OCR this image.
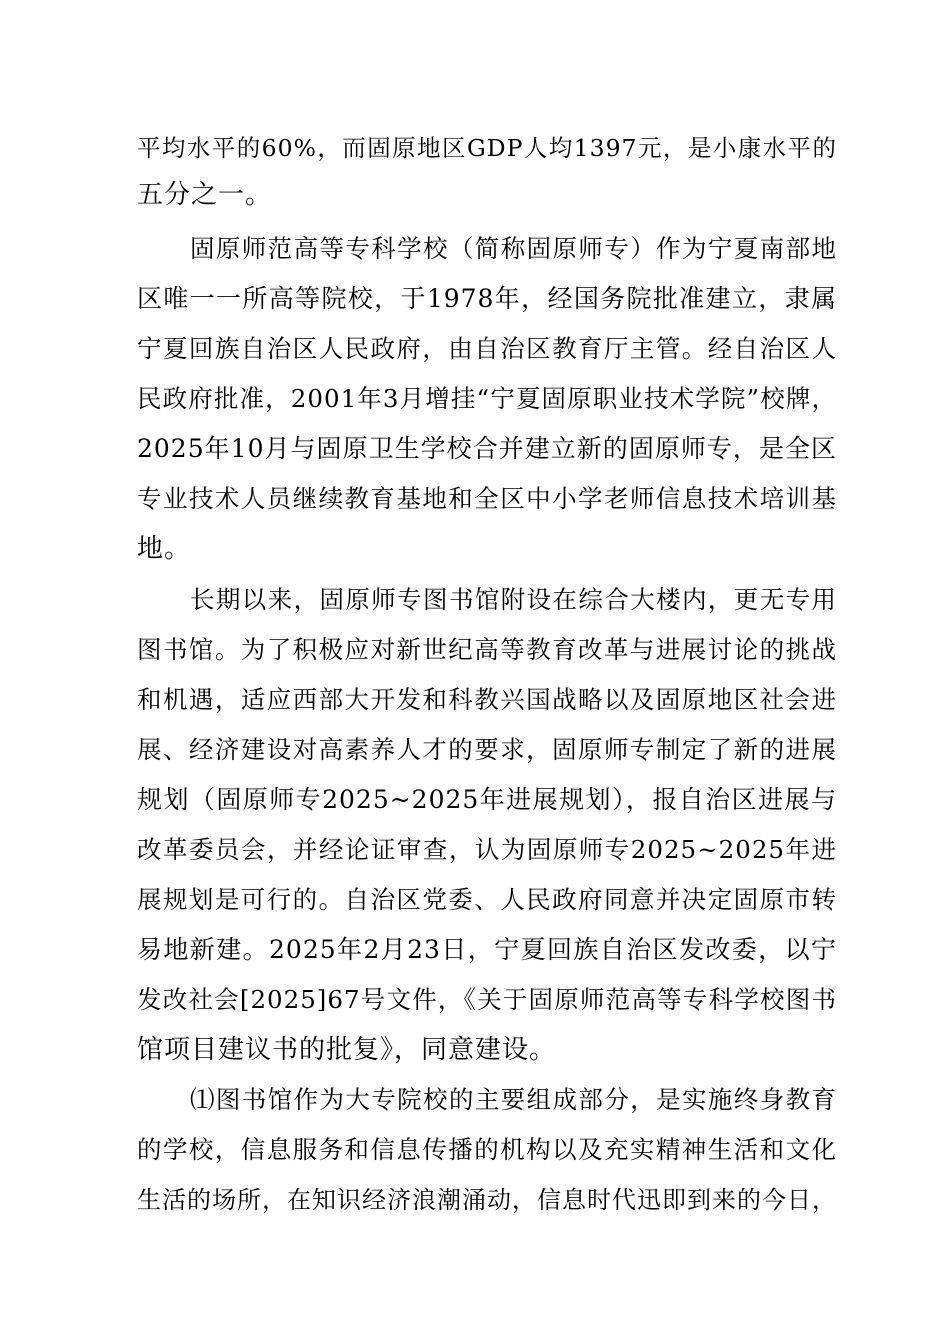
平均水平的60%，而固原地区GDP人均1397元，是小康水平的

五分之一。

固原师范高等专科学校（简称固原师专）作为宁夏南部地

区唯一一所高等院校，于1978年，经国务院批准建立，隶属

宁夏回族自治区人民政府，由自治区教育厅主管。经自治区人

民政府批准，2001年3月增挂“宁夏固原职业技术学院”校牌，

2025年10月与固原卫生学校合并建立新的固原师专，是全区

专业技术人员继续教育基地和全区中小学老师信息技术培训基

地。

长期以来，固原师专图书馆附设在综合大楼内，更无专用

图书馆。为了积极应对新世纪高等教育改革与进展讨论的挑战

和机遇，适应西部大开发和科教兴国战略以及固原地区社会进

展、经济建设对高素养人才的要求，固原师专制定了新的进展

规划（固原师专2025~2025年进展规划），报自治区进展与

改革委员会，并经论证审查，认为固原师专2025~2025年进

展规划是可行的。自治区党委、人民政府同意并决定固原市转

易地新建。2025年2月23日，宁夏回族自治区发改委，以宁

发改社会[2025]67号文件，《关于固原师范高等专科学校图书

馆项目建议书的批复》，同意建设。

⑴图书馆作为大专院校的主要组成部分，是实施终身教育

的学校，信息服务和信息传播的机构以及充实精神生活和文化

生活的场所，在知识经济浪潮涌动，信息时代迅即到来的今日，
